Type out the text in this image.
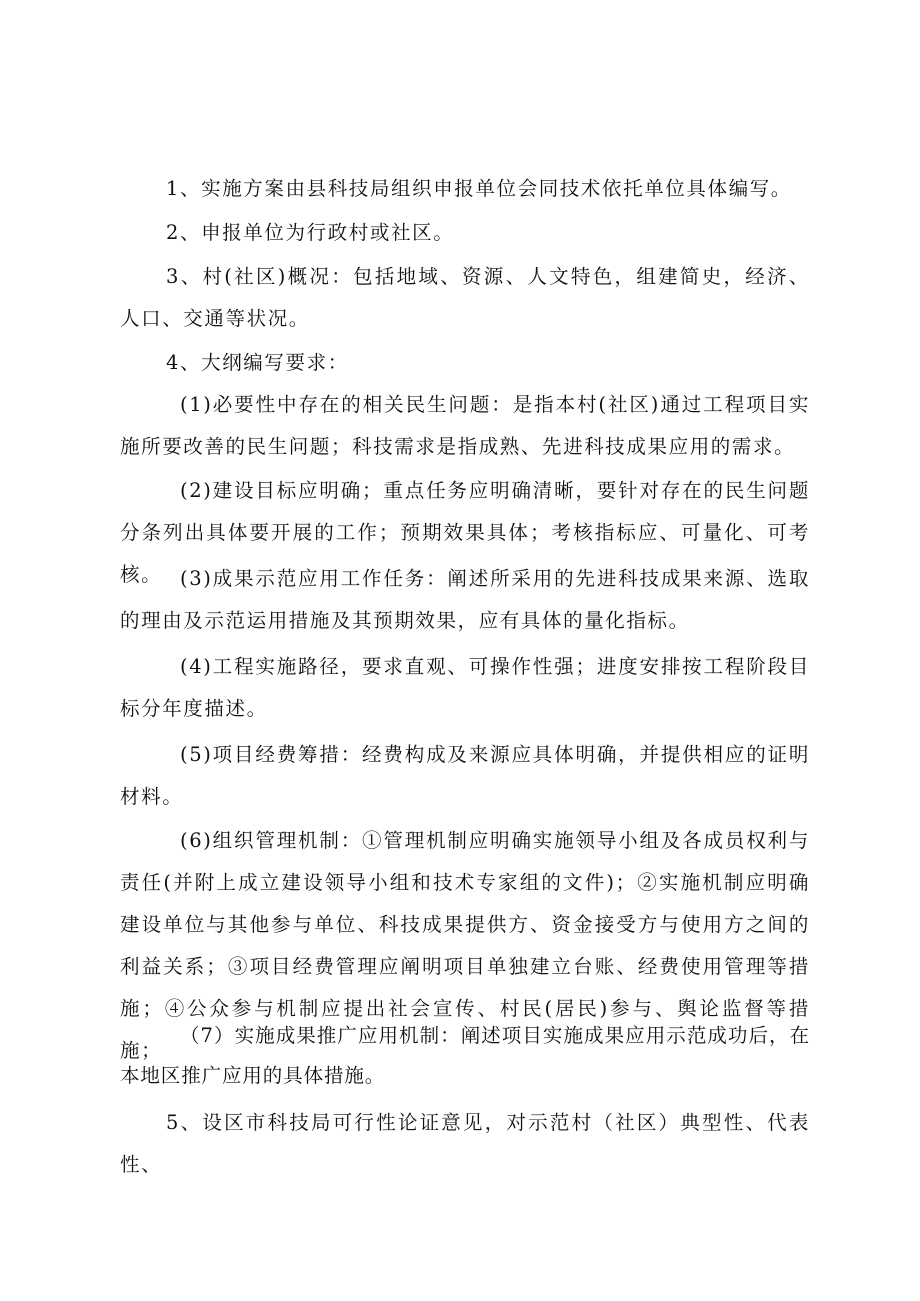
1、实施方案由县科技局组织申报单位会同技术依托单位具体编写。

2、申报单位为行政村或社区。

3、村(社区)概况：包括地域、资源、人文特色，组建简史，经济、人口、交通等状况。

4、大纲编写要求：

(1)必要性中存在的相关民生问题：是指本村(社区)通过工程项目实施所要改善的民生问题；科技需求是指成熟、先进科技成果应用的需求。

(2)建设目标应明确；重点任务应明确清晰，要针对存在的民生问题分条列出具体要开展的工作；预期效果具体；考核指标应、可量化、可考核。 (3)成果示范应用工作任务：阐述所采用的先进科技成果来源、选取的理由及示范运用措施及其预期效果，应有具体的量化指标。

(4)工程实施路径，要求直观、可操作性强；进度安排按工程阶段目标分年度描述。

(5)项目经费筹措：经费构成及来源应具体明确，并提供相应的证明材料。

(6)组织管理机制：①管理机制应明确实施领导小组及各成员权利与责任(并附上成立建设领导小组和技术专家组的文件)；②实施机制应明确建设单位与其他参与单位、科技成果提供方、资金接受方与使用方之间的利益关系；③项目经费管理应阐明项目单独建立台账、经费使用管理等措施；④公众参与机制应提出社会宣传、村民(居民)参与、舆论监督等措施；

（7）实施成果推广应用机制：阐述项目实施成果应用示范成功后，在本地区推广应用的具体措施。

5、设区市科技局可行性论证意见，对示范村（社区）典型性、代表性、
